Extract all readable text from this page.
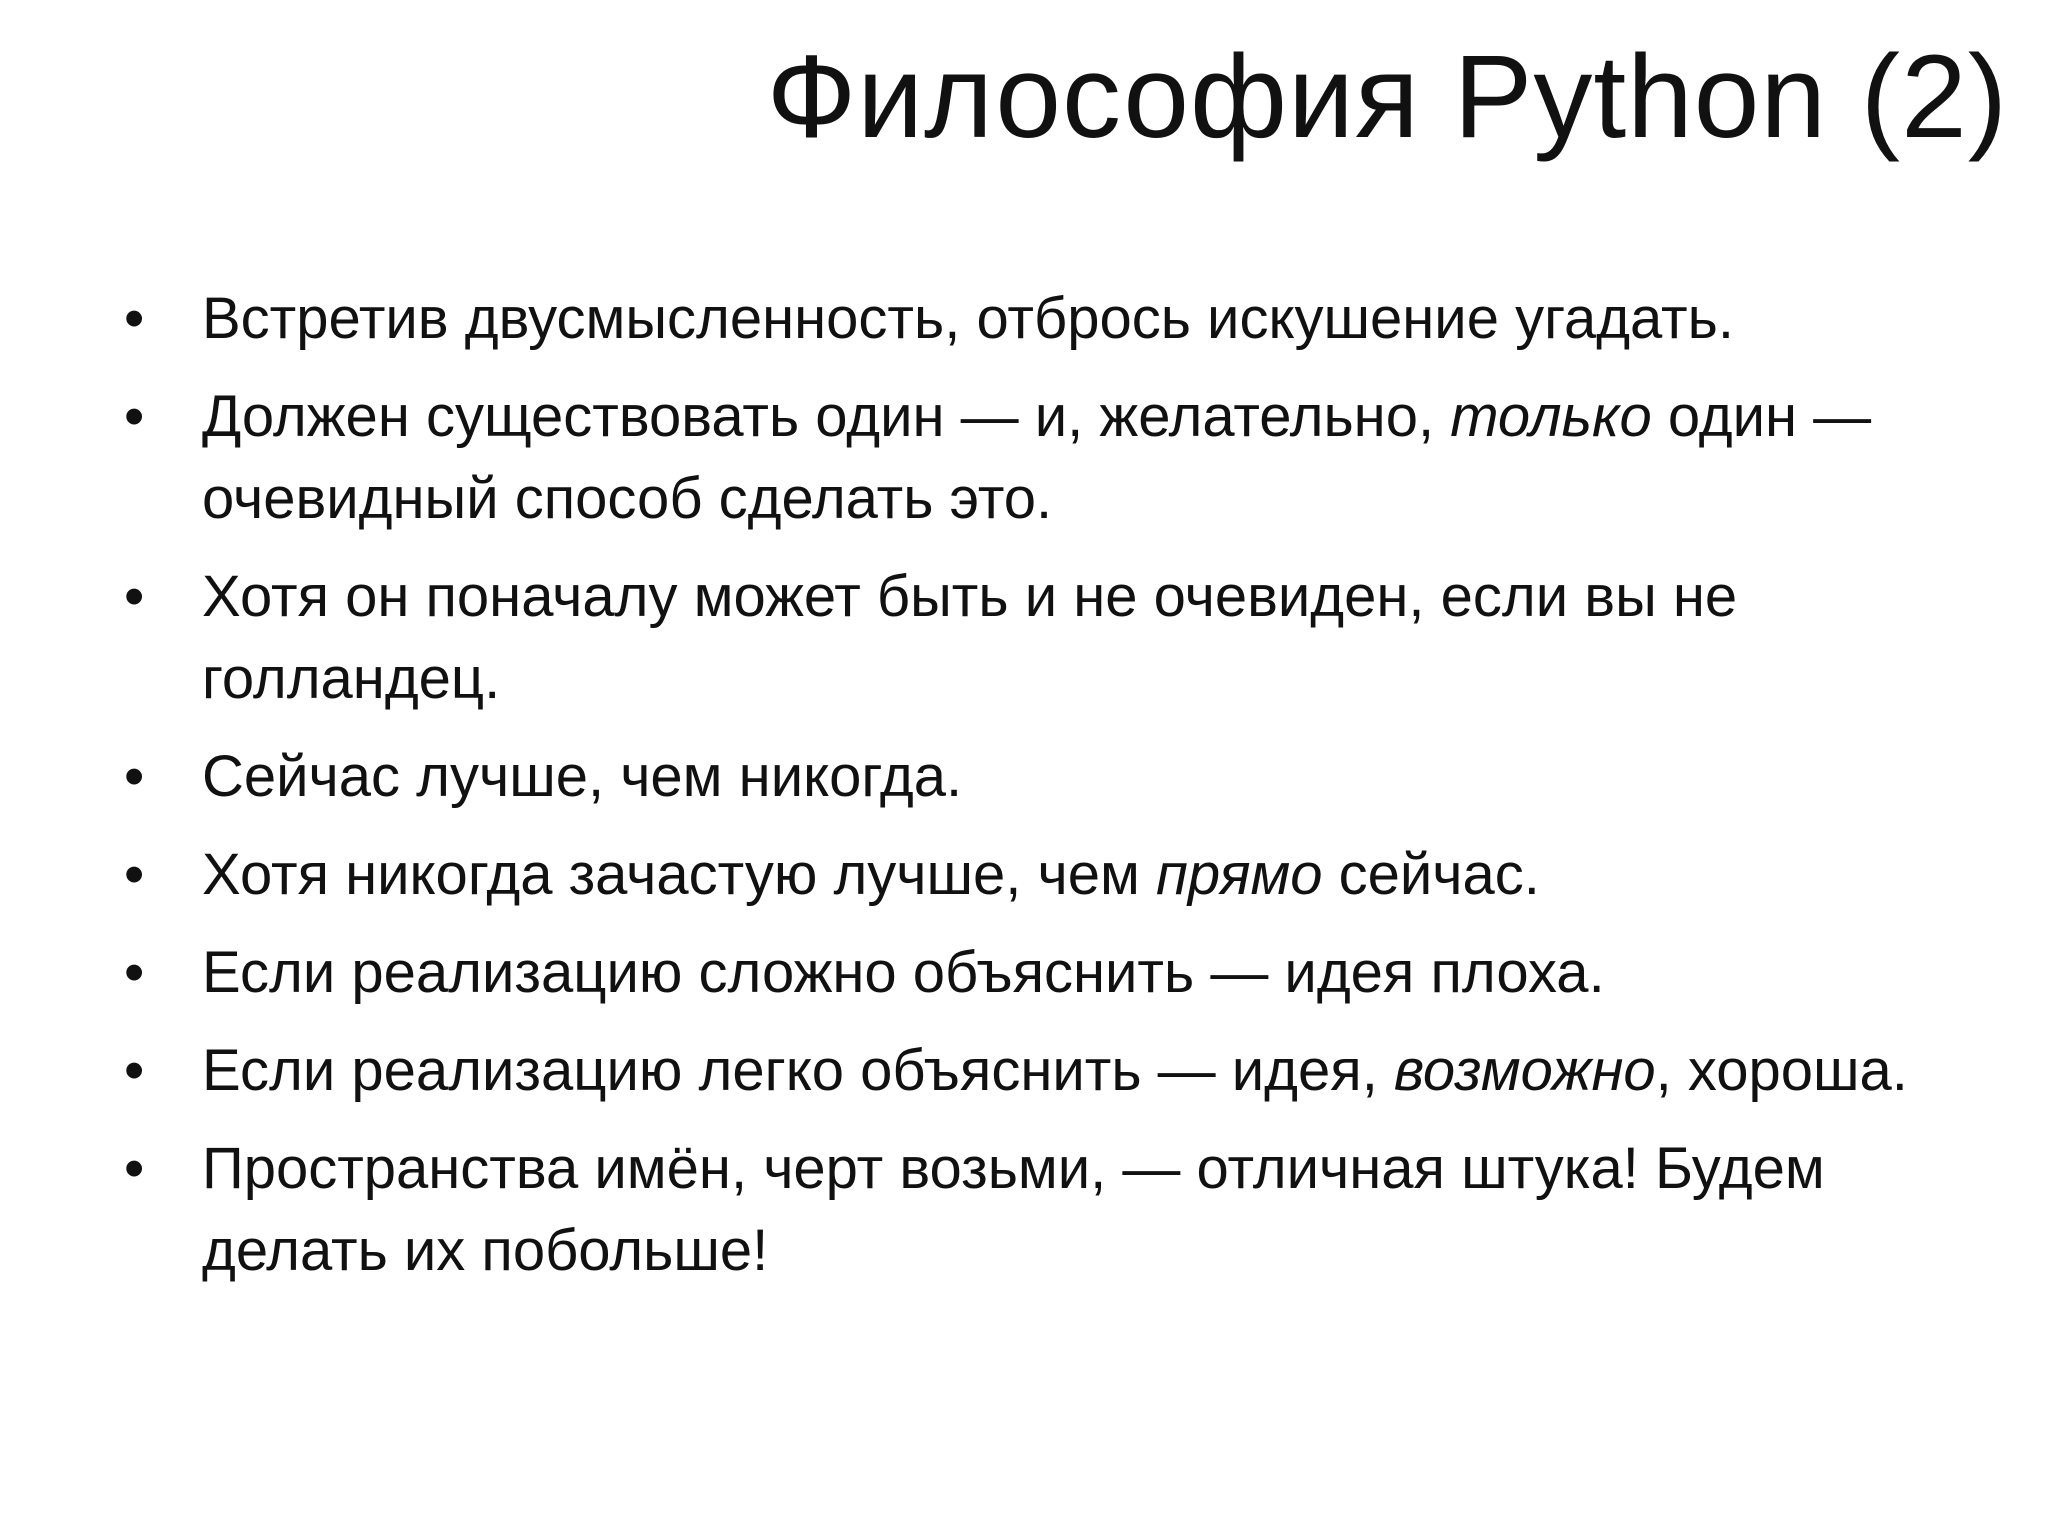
Философия Python (2)
• Встретив двусмысленность, отбрось искушение угадать.
• Должен существовать один — и, желательно, только один — очевидный способ сделать это.
• Хотя он поначалу может быть и не очевиден, если вы не голландец.
• Сейчас лучше, чем никогда.
• Хотя никогда зачастую лучше, чем прямо сейчас.
• Если реализацию сложно объяснить — идея плоха.
• Если реализацию легко объяснить — идея, возможно, хороша.
• Пространства имён, черт возьми, — отличная штука! Будем делать их побольше!
